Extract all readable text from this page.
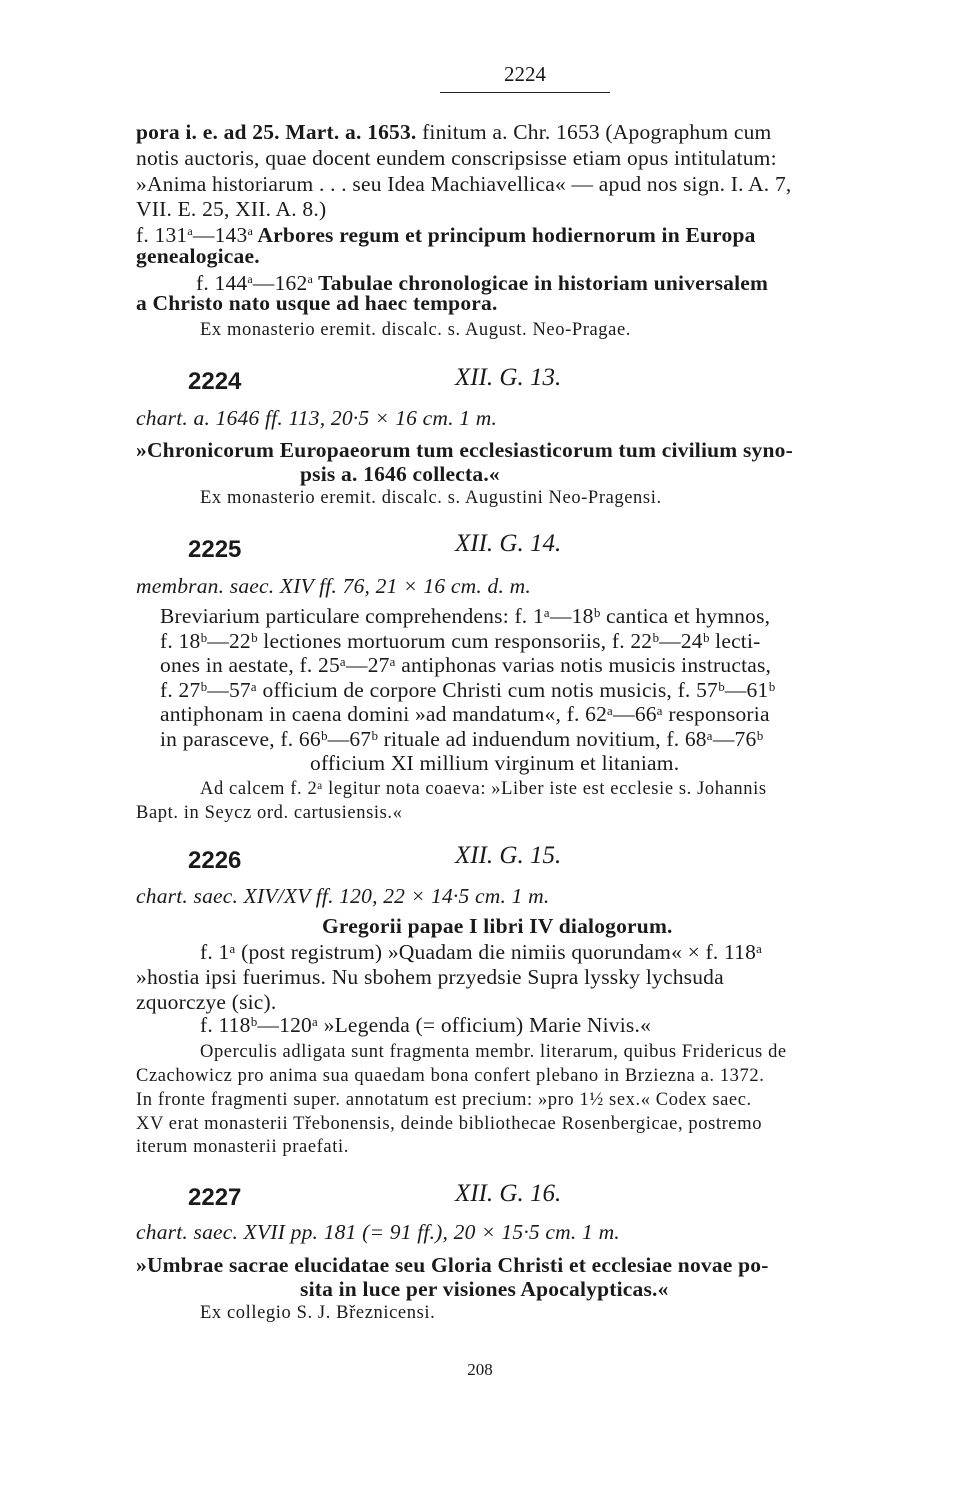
2224
pora i. e. ad 25. Mart. a. 1653. finitum a. Chr. 1653 (Apographum cum
notis auctoris, quae docent eundem conscripsisse etiam opus intitulatum:
»Anima historiarum . . . seu Idea Machiavellica« — apud nos sign. I. A. 7,
VII. E. 25, XII. A. 8.)
f. 131$^a$—143$^a$ Arbores regum et principum hodiernorum in Europa
genealogicae.
f. 144$^a$—162$^a$ Tabulae chronologicae in historiam universalem
a Christo nato usque ad haec tempora.
Ex monasterio eremit. discalc. s. August. Neo-Pragae.
2224	XII. G. 13.
chart. a. 1646 ff. 113, 20·5 × 16 cm. 1 m.
»Chronicorum Europaeorum tum ecclesiasticorum tum civilium syno-
psis a. 1646 collecta.«
Ex monasterio eremit. discalc. s. Augustini Neo-Pragensi.
2225	XII. G. 14.
membran. saec. XIV ff. 76, 21 × 16 cm. d. m.
Breviarium particulare comprehendens: f. 1ᵃ—18ᵇ cantica et hymnos,
f. 18ᵇ—22ᵇ lectiones mortuorum cum responsoriis, f. 22ᵇ—24ᵇ lecti-
ones in aestate, f. 25ᵃ—27ᵃ antiphonas varias notis musicis instructas,
f. 27ᵇ—57ᵃ officium de corpore Christi cum notis musicis, f. 57ᵇ—61ᵇ
antiphonam in caena domini »ad mandatum«, f. 62ᵃ—66ᵃ responsoria
in parasceve, f. 66ᵇ—67ᵇ rituale ad induendum novitium, f. 68ᵃ—76ᵇ
officium XI millium virginum et litaniam.
Ad calcem f. 2ᵃ legitur nota coaeva: »Liber iste est ecclesie s. Johannis
Bapt. in Seycz ord. cartusiensis.«
2226	XII. G. 15.
chart. saec. XIV/XV ff. 120, 22 × 14·5 cm. 1 m.
Gregorii papae I libri IV dialogorum.
f. 1ᵃ (post registrum) »Quadam die nimiis quorundam« × f. 118ᵃ
»hostia ipsi fuerimus. Nu sbohem przyedsie Supra lyssky lychsuda
zquorczye (sic).
f. 118ᵇ—120ᵃ »Legenda (= officium) Marie Nivis.«
Operculis adligata sunt fragmenta membr. literarum, quibus Fridericus de
Czachowicz pro anima sua quaedam bona confert plebano in Brziezna a. 1372.
In fronte fragmenti super. annotatum est precium: »pro 1½ sex.« Codex saec.
XV erat monasterii Třebonensis, deinde bibliothecae Rosenbergicae, postremo
iterum monasterii praefati.
2227	XII. G. 16.
chart. saec. XVII pp. 181 (= 91 ff.), 20 × 15·5 cm. 1 m.
»Umbrae sacrae elucidatae seu Gloria Christi et ecclesiae novae po-
sita in luce per visiones Apocalypticas.«
Ex collegio S. J. Březnicensi.
208
